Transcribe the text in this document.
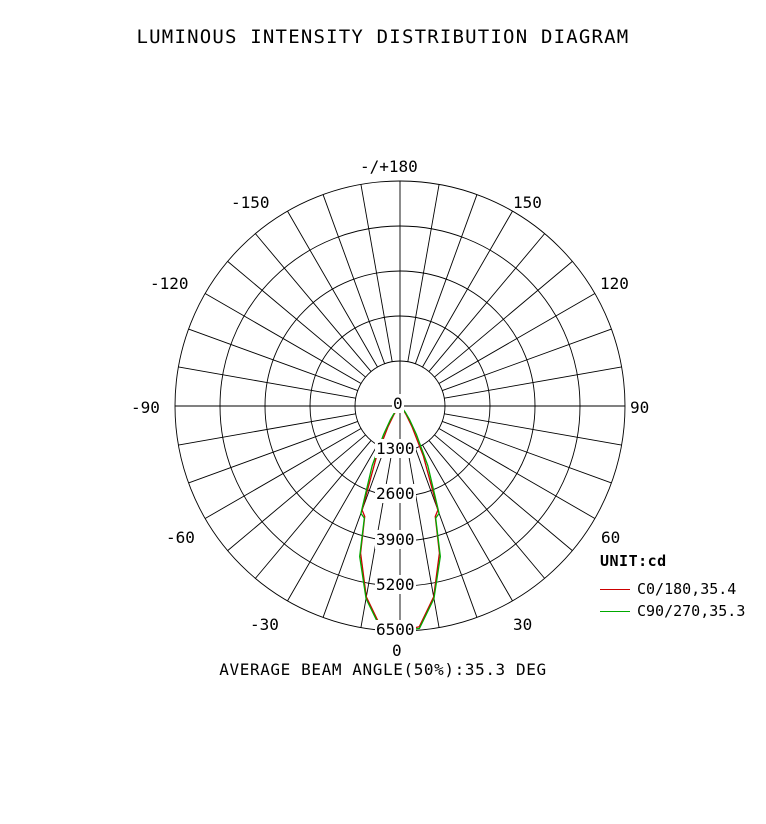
LUMINOUS INTENSITY DISTRIBUTION DIAGRAM
-/+180
-150	150
-120	120
-90	90
-60	60
-30	30
0
0
1300
2600
3900
5200
6500
UNIT:cd
C0/180,35.4
C90/270,35.3
AVERAGE BEAM ANGLE(50%):35.3 DEG
